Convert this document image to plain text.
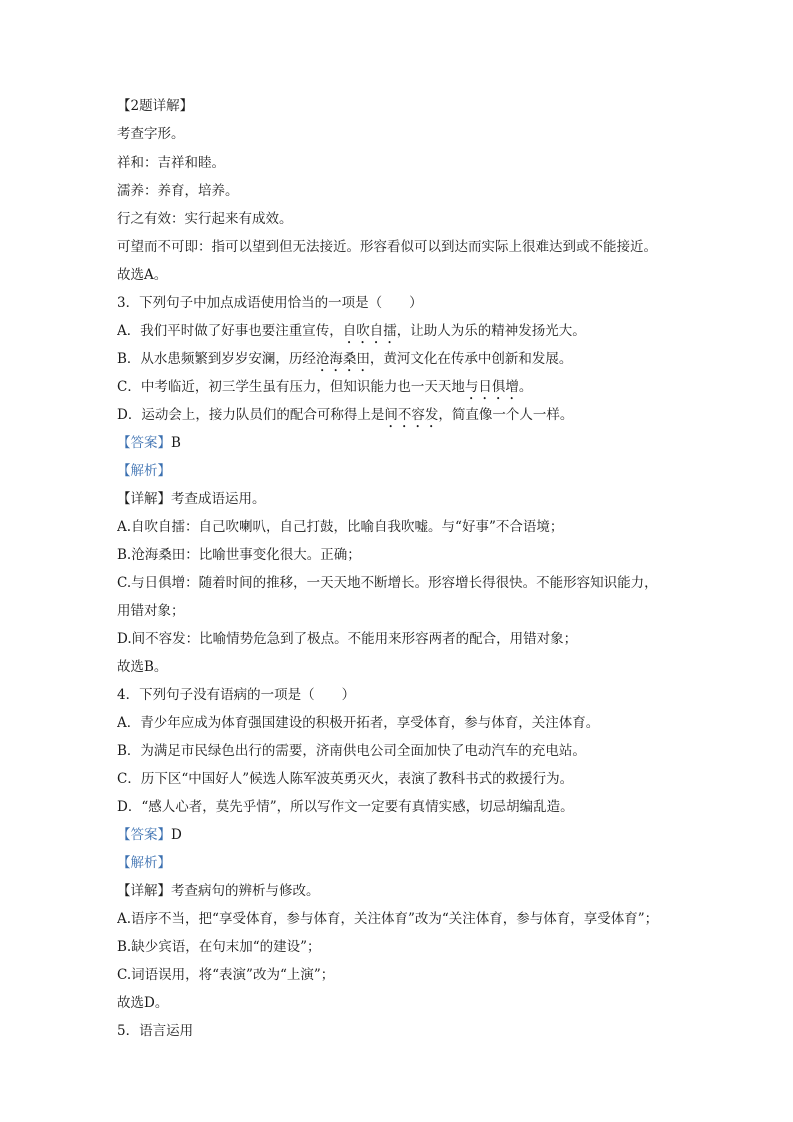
【2题详解】
考查字形。
祥和：吉祥和睦。
濡养：养育，培养。
行之有效：实行起来有成效。
可望而不可即：指可以望到但无法接近。形容看似可以到达而实际上很难达到或不能接近。
故选A。
3．下列句子中加点成语使用恰当的一项是（　　）
A．我们平时做了好事也要注重宣传，自吹自擂，让助人为乐的精神发扬光大。
B．从水患频繁到岁岁安澜，历经沧海桑田，黄河文化在传承中创新和发展。
C．中考临近，初三学生虽有压力，但知识能力也一天天地与日俱增。
D．运动会上，接力队员们的配合可称得上是间不容发，简直像一个人一样。
【答案】B
【解析】
【详解】考查成语运用。
A.自吹自擂：自己吹喇叭，自己打鼓，比喻自我吹嘘。与“好事”不合语境；
B.沧海桑田：比喻世事变化很大。正确；
C.与日俱增：随着时间的推移，一天天地不断增长。形容增长得很快。不能形容知识能力，
用错对象；
D.间不容发：比喻情势危急到了极点。不能用来形容两者的配合，用错对象；
故选B。
4．下列句子没有语病的一项是（　　）
A．青少年应成为体育强国建设的积极开拓者，享受体育，参与体育，关注体育。
B．为满足市民绿色出行的需要，济南供电公司全面加快了电动汽车的充电站。
C．历下区“中国好人”候选人陈军波英勇灭火，表演了教科书式的救援行为。
D．“感人心者，莫先乎情”，所以写作文一定要有真情实感，切忌胡编乱造。
【答案】D
【解析】
【详解】考查病句的辨析与修改。
A.语序不当，把“享受体育，参与体育，关注体育”改为“关注体育，参与体育，享受体育”；
B.缺少宾语，在句末加“的建设”；
C.词语误用，将“表演”改为“上演”；
故选D。
5．语言运用
